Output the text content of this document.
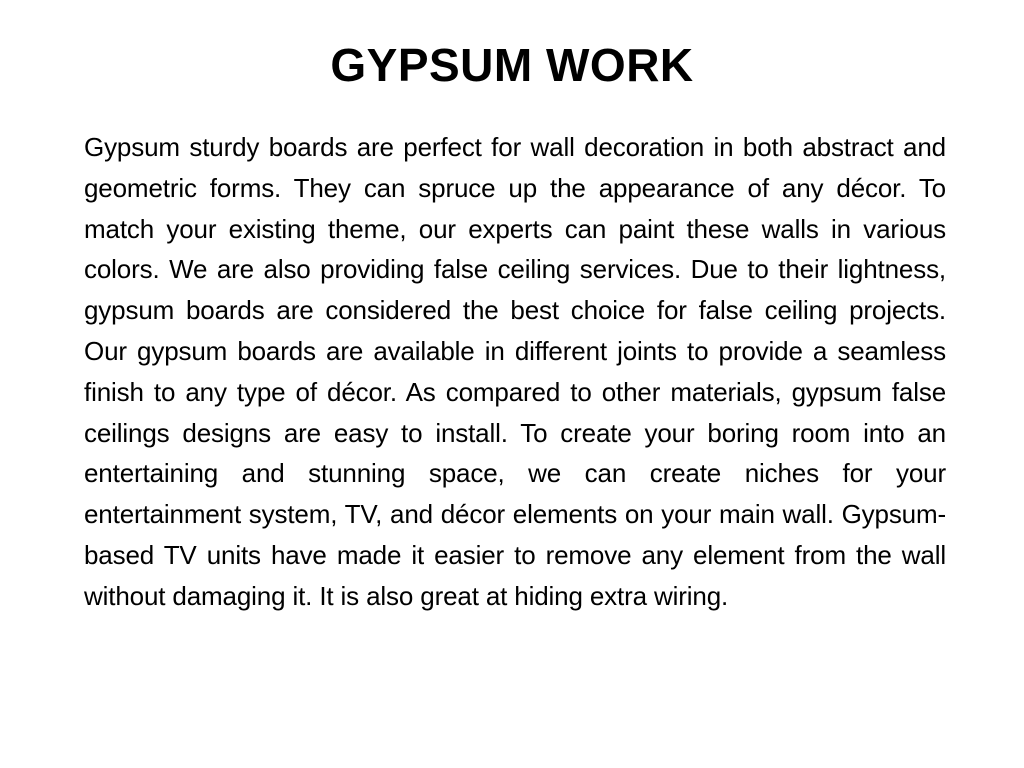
GYPSUM WORK

Gypsum sturdy boards are perfect for wall decoration in both abstract and geometric forms. They can spruce up the appearance of any décor. To match your existing theme, our experts can paint these walls in various colors. We are also providing false ceiling services. Due to their lightness, gypsum boards are considered the best choice for false ceiling projects. Our gypsum boards are available in different joints to provide a seamless finish to any type of décor. As compared to other materials, gypsum false ceilings designs are easy to install. To create your boring room into an entertaining and stunning space, we can create niches for your entertainment system, TV, and décor elements on your main wall. Gypsum-based TV units have made it easier to remove any element from the wall without damaging it. It is also great at hiding extra wiring.
